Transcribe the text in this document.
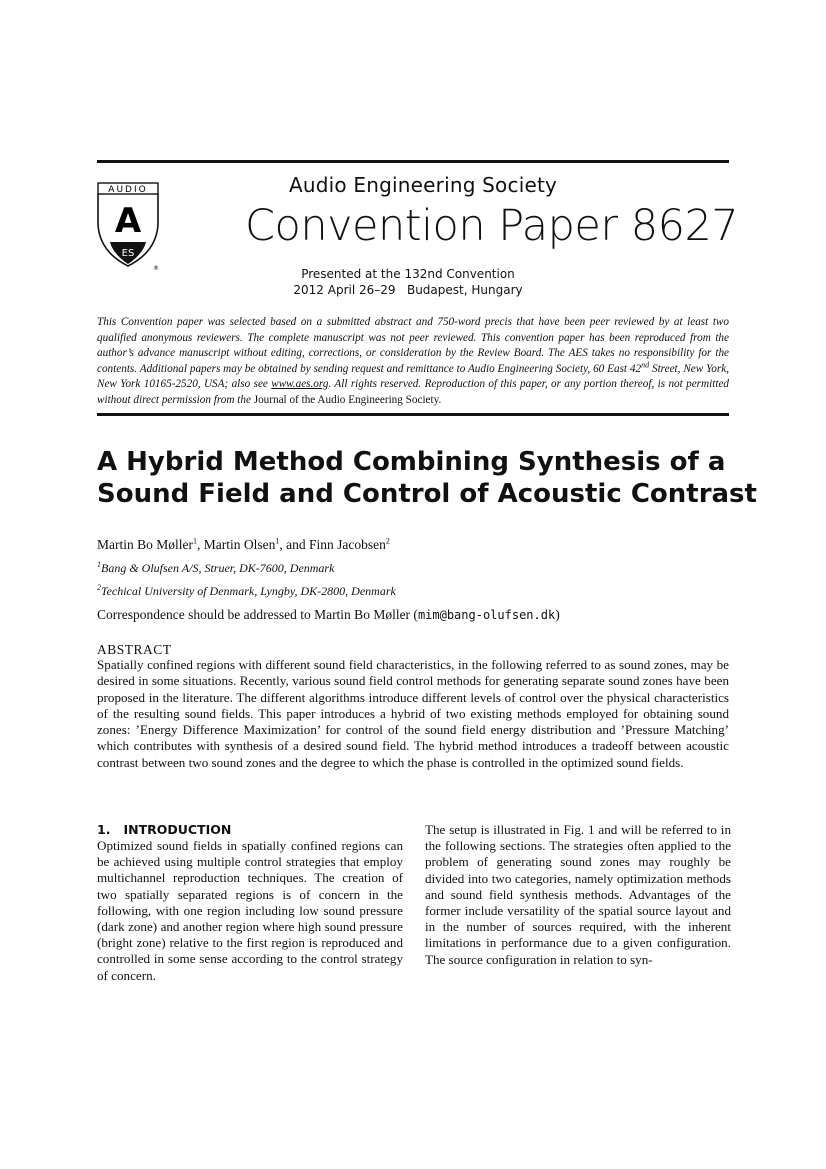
AUDIO
A
ES
®
Audio Engineering Society
Convention Paper 8627
Presented at the 132nd Convention
2012 April 26–29   Budapest, Hungary
This Convention paper was selected based on a submitted abstract and 750-word precis that have been peer reviewed by at least two qualified anonymous reviewers. The complete manuscript was not peer reviewed. This convention paper has been reproduced from the author’s advance manuscript without editing, corrections, or consideration by the Review Board. The AES takes no responsibility for the contents. Additional papers may be obtained by sending request and remittance to Audio Engineering Society, 60 East 42nd Street, New York, New York 10165-2520, USA; also see www.aes.org. All rights reserved. Reproduction of this paper, or any portion thereof, is not permitted without direct permission from the Journal of the Audio Engineering Society.
A Hybrid Method Combining Synthesis of a
Sound Field and Control of Acoustic Contrast
Martin Bo Møller$^1$, Martin Olsen$^1$, and Finn Jacobsen$^2$
$^1$Bang & Olufsen A/S, Struer, DK-7600, Denmark
$^2$Techical University of Denmark, Lyngby, DK-2800, Denmark
Correspondence should be addressed to Martin Bo Møller (mim@bang-olufsen.dk)
ABSTRACT
Spatially confined regions with different sound field characteristics, in the following referred to as sound zones, may be desired in some situations. Recently, various sound field control methods for generating separate sound zones have been proposed in the literature. The different algorithms introduce different levels of control over the physical characteristics of the resulting sound fields. This paper introduces a hybrid of two existing methods employed for obtaining sound zones: ’Energy Difference Maximization’ for control of the sound field energy distribution and ’Pressure Matching’ which contributes with synthesis of a desired sound field. The hybrid method introduces a tradeoff between acoustic contrast between two sound zones and the degree to which the phase is controlled in the optimized sound fields.
1.   INTRODUCTION
Optimized sound fields in spatially confined regions can be achieved using multiple control strategies that employ multichannel reproduction techniques. The creation of two spatially separated regions is of concern in the following, with one region including low sound pressure (dark zone) and another region where high sound pressure (bright zone) relative to the first region is reproduced and controlled in some sense according to the control strategy of concern.
The setup is illustrated in Fig. 1 and will be referred to in the following sections. The strategies often applied to the problem of generating sound zones may roughly be divided into two categories, namely optimization methods and sound field synthesis methods. Advantages of the former include versatility of the spatial source layout and in the number of sources required, with the inherent limitations in performance due to a given configuration. The source configuration in relation to syn-
